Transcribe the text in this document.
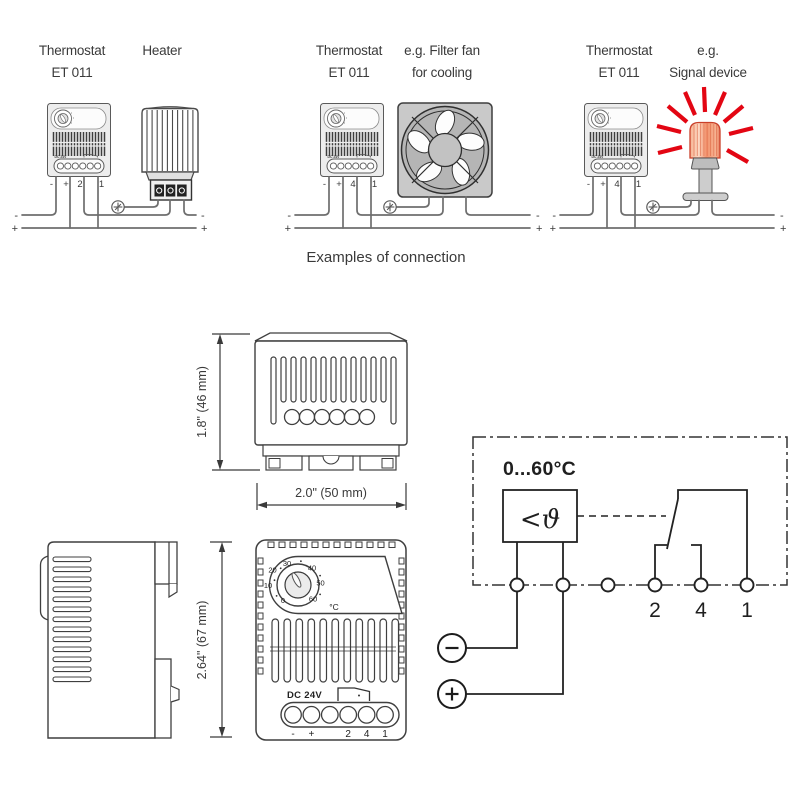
Thermostat
ET 011
Heater
- + 2 1
-
+
-
+
Thermostat
ET 011
e.g. Filter fan
for cooling
- + 4 1
-
+
-
+
Thermostat
ET 011
e.g.
Signal device
- + 4 1
-
+
-
+
Examples of connection
1.8" (46 mm)
2.0" (50 mm)
2.64" (67 mm)
0
10
20
30 40
50
60
°C
DC 24V
- +	2 4 1
0...60°C
<ϑ
2 4 1
